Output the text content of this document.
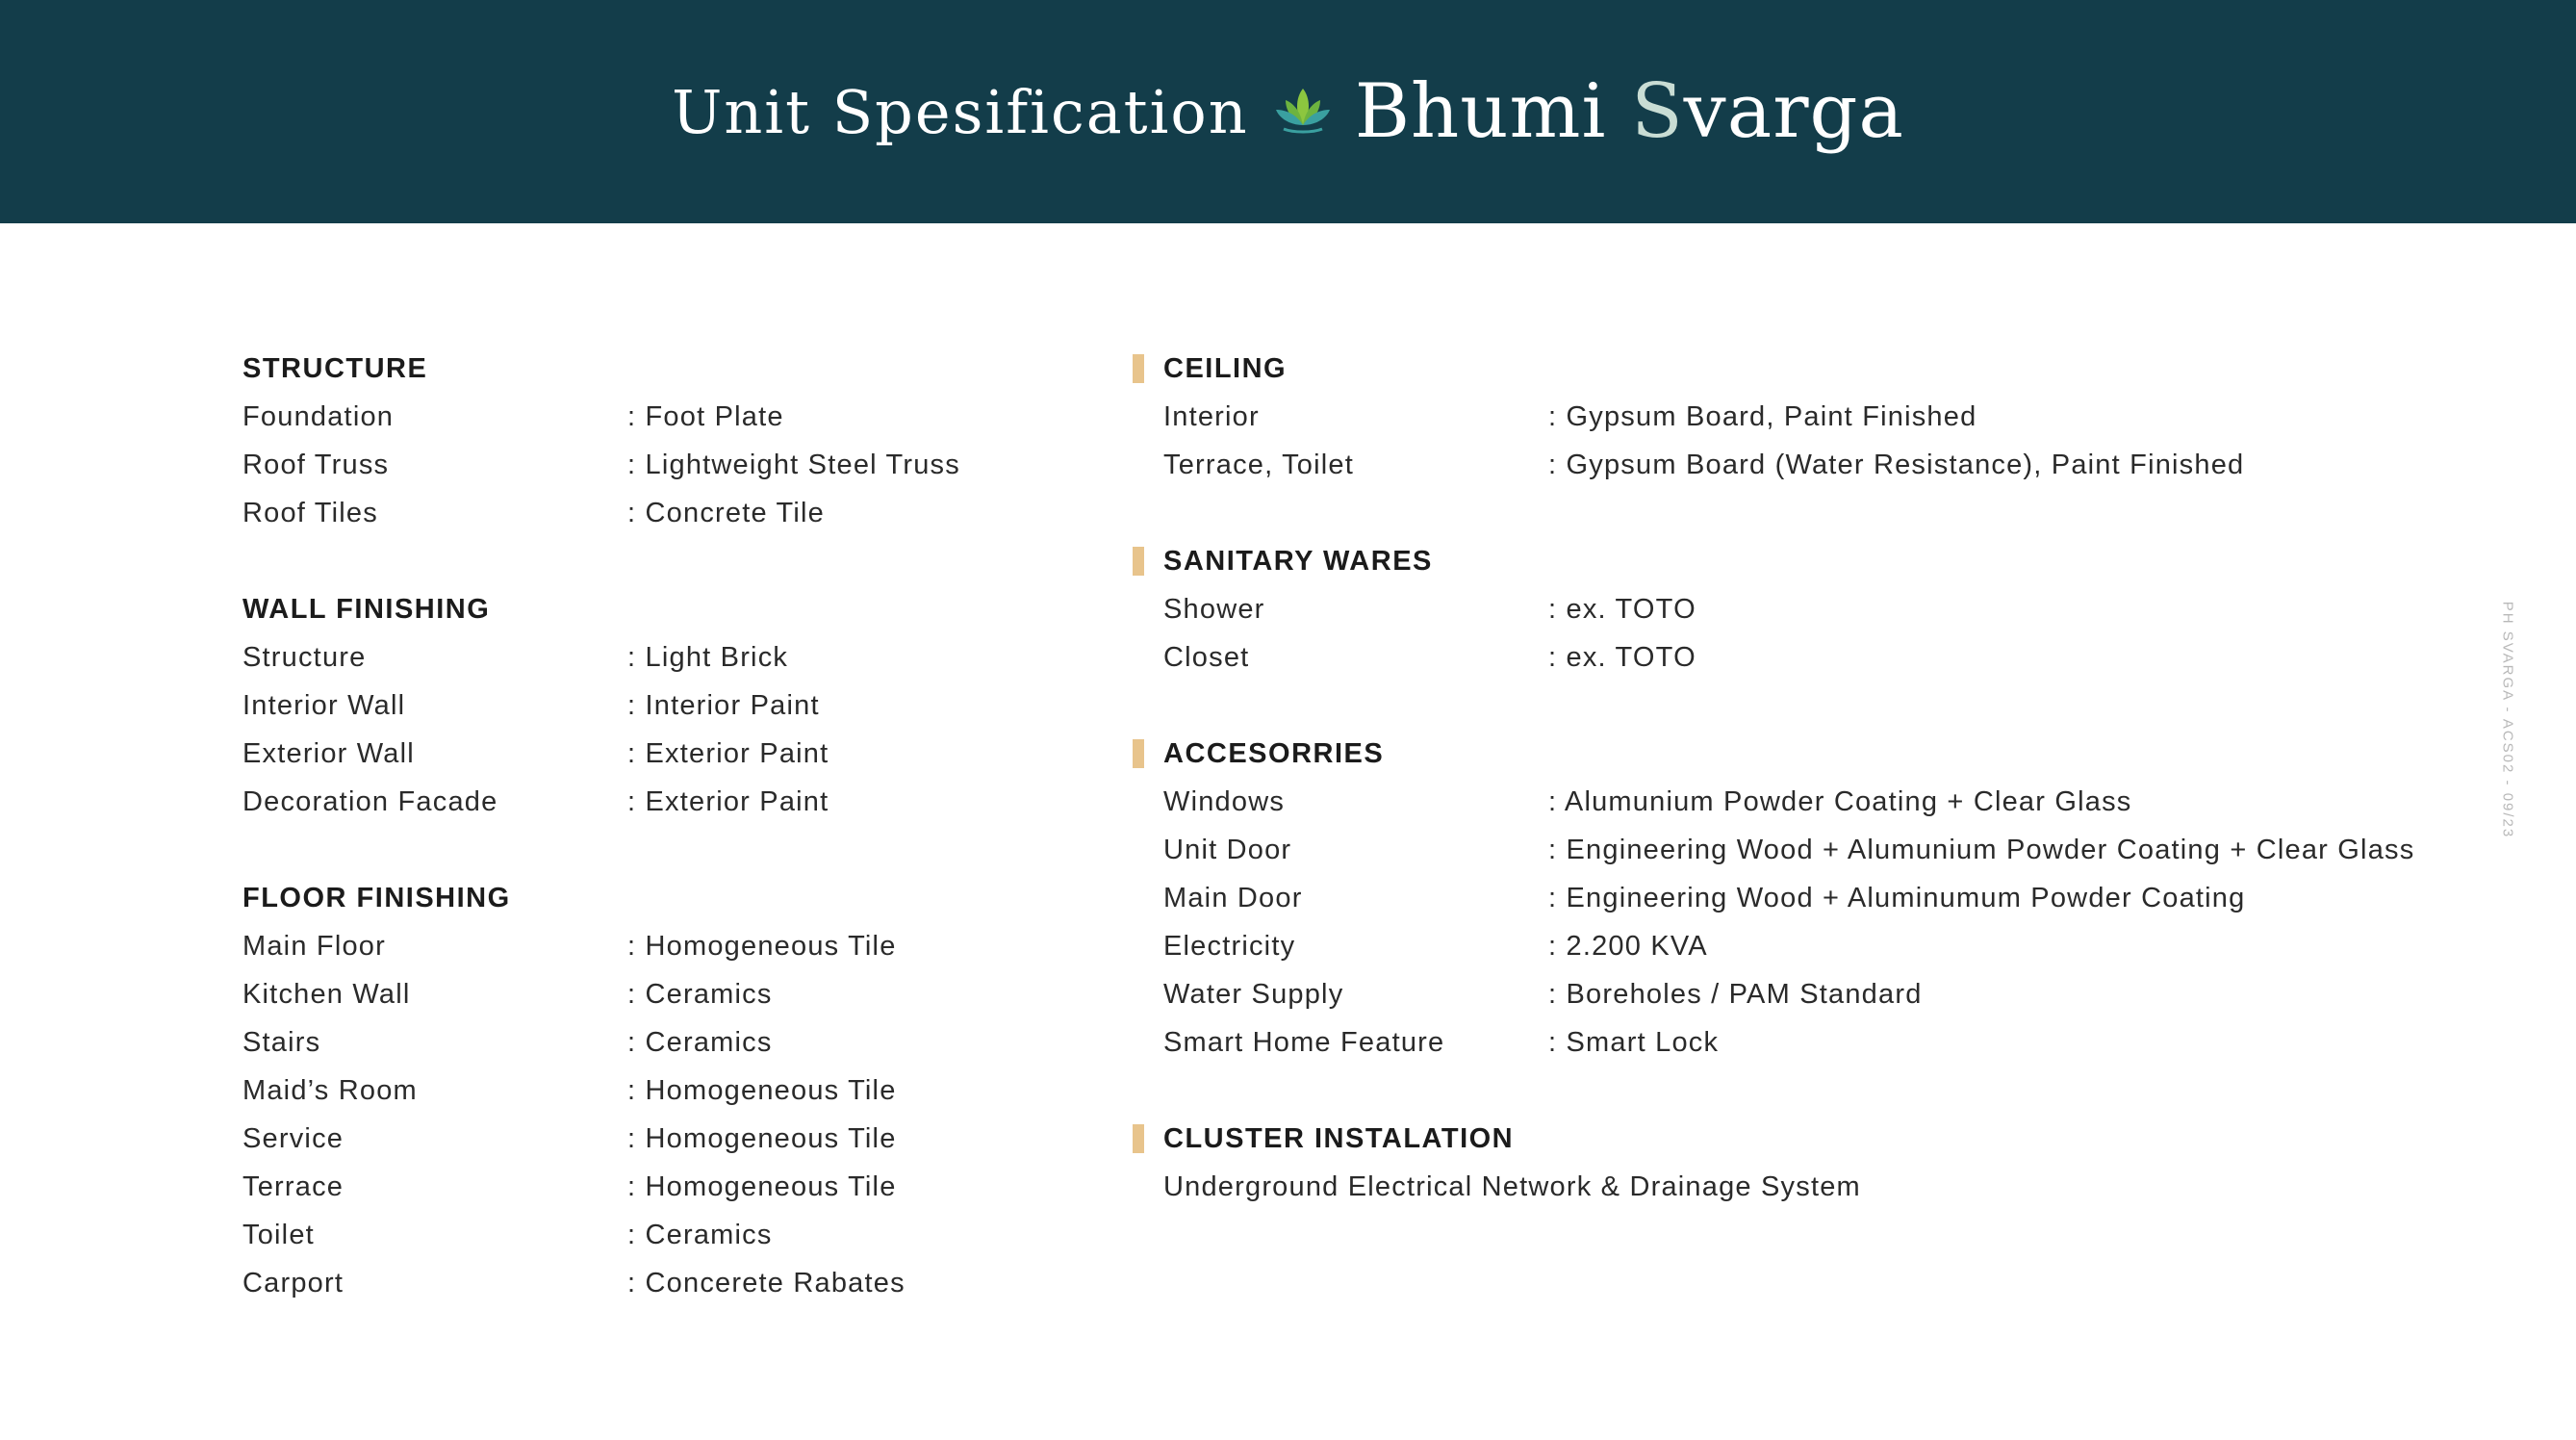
Unit Spesification Bhumi Svarga
STRUCTURE
Foundation	: Foot Plate
Roof Truss	: Lightweight Steel Truss
Roof Tiles	: Concrete Tile
WALL FINISHING
Structure	: Light Brick
Interior Wall	: Interior Paint
Exterior Wall	: Exterior Paint
Decoration Facade	: Exterior Paint
FLOOR FINISHING
Main Floor	: Homogeneous Tile
Kitchen Wall	: Ceramics
Stairs	: Ceramics
Maid’s Room	: Homogeneous Tile
Service	: Homogeneous Tile
Terrace	: Homogeneous Tile
Toilet	: Ceramics
Carport	: Concerete Rabates
CEILING
Interior	: Gypsum Board, Paint Finished
Terrace, Toilet	: Gypsum Board (Water Resistance), Paint Finished
SANITARY WARES
Shower	: ex. TOTO
Closet	: ex. TOTO
ACCESORRIES
Windows	: Alumunium Powder Coating + Clear Glass
Unit Door	: Engineering Wood + Alumunium Powder Coating + Clear Glass
Main Door	: Engineering Wood + Aluminumum Powder Coating
Electricity	: 2.200 KVA
Water Supply	: Boreholes / PAM Standard
Smart Home Feature	: Smart Lock
CLUSTER INSTALATION
Underground Electrical Network & Drainage System
PH SVARGA - ACS02 - 09/23
